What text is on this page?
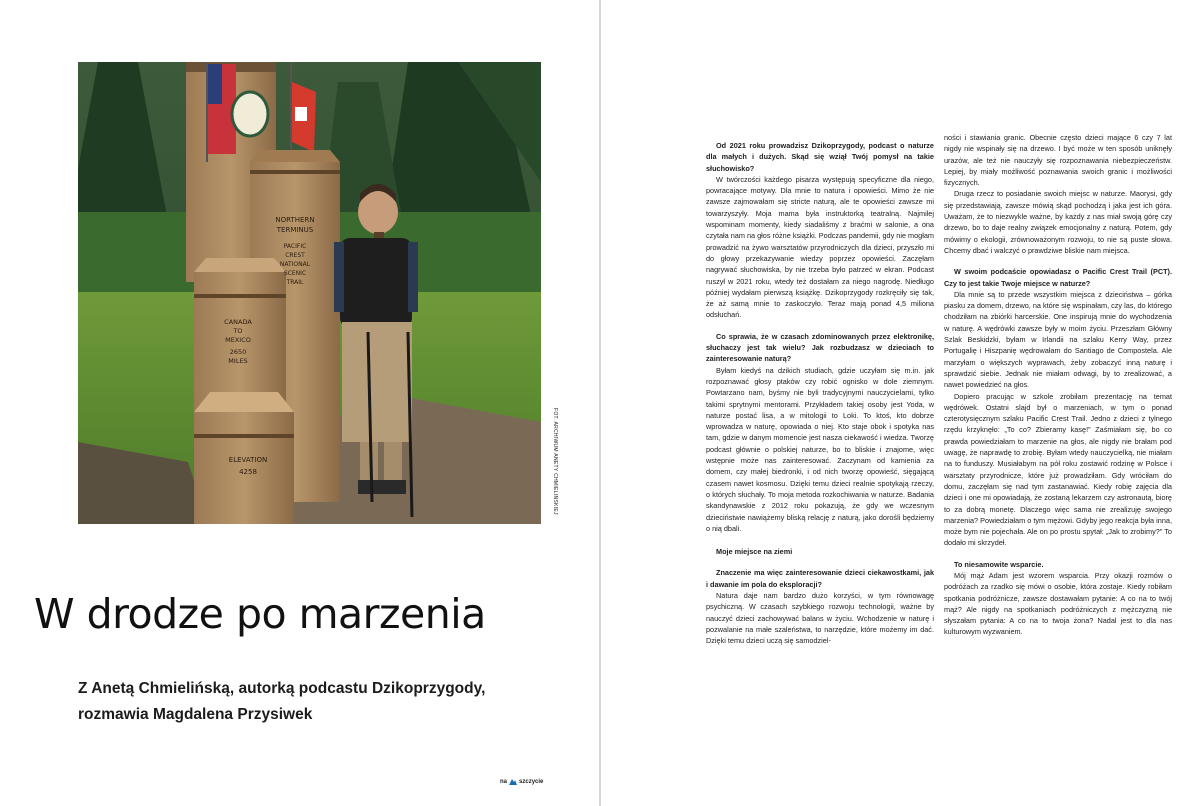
NORTHERN
TERMINUS
PACIFIC
CREST
NATIONAL
SCENIC
TRAIL
CANADA
TO
MEXICO
2650
MILES
ELEVATION
4258	FOT. ARCHIWUM ANETY CHMIELIŃSKIEJ
W drodze po marzenia
Z Anetą Chmielińską, autorką podcastu Dzikoprzygody,
rozmawia Magdalena Przysiwek
na szczycie

Od 2021 roku prowadzisz Dzikoprzygody, podcast o naturze dla małych i dużych. Skąd się wziął Twój pomysł na takie słuchowisko?

W twórczości każdego pisarza występują specyficzne dla niego, powracające motywy. Dla mnie to natura i opowieści. Mimo że nie zawsze zajmowałam się stricte naturą, ale te opowieści zawsze mi towarzyszyły. Moja mama była instruktorką teatralną. Najmilej wspominam momenty, kiedy siadaliśmy z braćmi w salonie, a ona czytała nam na głos różne książki. Podczas pandemii, gdy nie mogłam prowadzić na żywo warsztatów przyrodniczych dla dzieci, przyszło mi do głowy przekazywanie wiedzy poprzez opowieści. Zaczęłam nagrywać słuchowiska, by nie trzeba było patrzeć w ekran. Podcast ruszył w 2021 roku, wtedy też dostałam za niego nagrodę. Niedługo później wydałam pierwszą książkę. Dzikoprzygody rozkręciły się tak, że aż samą mnie to zaskoczyło. Teraz mają ponad 4,5 miliona odsłuchań.

Co sprawia, że w czasach zdominowanych przez elektronikę, słuchaczy jest tak wielu? Jak rozbudzasz w dzieciach to zainteresowanie naturą?

Byłam kiedyś na dzikich studiach, gdzie uczyłam się m.in. jak rozpoznawać głosy ptaków czy robić ognisko w dole ziemnym. Powtarzano nam, byśmy nie byli tradycyjnymi nauczycielami, tylko takimi sprytnymi mentorami. Przykładem takiej osoby jest Yoda, w naturze postać lisa, a w mitologii to Loki. To ktoś, kto dobrze wprowadza w naturę, opowiada o niej. Kto staje obok i spotyka nas tam, gdzie w danym momencie jest nasza ciekawość i wiedza. Tworzę podcast głównie o polskiej naturze, bo to bliskie i znajome, więc wstępnie może nas zainteresować. Zaczynam od kamienia za domem, czy małej biedronki, i od nich tworzę opowieść, sięgającą czasem nawet kosmosu. Dzięki temu dzieci realnie spotykają rzeczy, o których słuchały. To moja metoda rozkochiwania w naturze. Badania skandynawskie z 2012 roku pokazują, że gdy we wczesnym dzieciństwie nawiążemy bliską relację z naturą, jako dorośli będziemy o nią dbali.

Moje miejsce na ziemi

Znaczenie ma więc zainteresowanie dzieci ciekawostkami, jak i dawanie im pola do eksploracji?

Natura daje nam bardzo dużo korzyści, w tym równowagę psychiczną. W czasach szybkiego rozwoju technologii, ważne by nauczyć dzieci zachowywać balans w życiu. Wchodzenie w naturę i pozwalanie na małe szaleństwa, to narzędzie, które możemy im dać. Dzięki temu dzieci uczą się samodziel-

ności i stawiania granic. Obecnie często dzieci mające 6 czy 7 lat nigdy nie wspinały się na drzewo. I być może w ten sposób uniknęły urazów, ale też nie nauczyły się rozpoznawania niebezpieczeństw. Lepiej, by miały możliwość poznawania swoich granic i możliwości fizycznych.

Druga rzecz to posiadanie swoich miejsc w naturze. Maorysi, gdy się przedstawiają, zawsze mówią skąd pochodzą i jaka jest ich góra. Uważam, że to niezwykle ważne, by każdy z nas miał swoją górę czy drzewo, bo to daje realny związek emocjonalny z naturą. Potem, gdy mówimy o ekologii, zrównoważonym rozwoju, to nie są puste słowa. Chcemy dbać i walczyć o prawdziwe bliskie nam miejsca.

W swoim podcaście opowiadasz o Pacific Crest Trail (PCT). Czy to jest takie Twoje miejsce w naturze?

Dla mnie są to przede wszystkim miejsca z dzieciństwa – górka piasku za domem, drzewo, na które się wspinałam, czy las, do którego chodziłam na zbiórki harcerskie. One inspirują mnie do wychodzenia w naturę. A wędrówki zawsze były w moim życiu. Przeszłam Główny Szlak Beskidzki, byłam w Irlandii na szlaku Kerry Way, przez Portugalię i Hiszpanię wędrowałam do Santiago de Compostela. Ale marzyłam o większych wyprawach, żeby zobaczyć inną naturę i sprawdzić siebie. Jednak nie miałam odwagi, by to zrealizować, a nawet powiedzieć na głos.

Dopiero pracując w szkole zrobiłam prezentację na temat wędrówek. Ostatni slajd był o marzeniach, w tym o ponad czterotysięcznym szlaku Pacific Crest Trail. Jedno z dzieci z tylnego rzędu krzyknęło: „To co? Zbieramy kasę!” Zaśmiałam się, bo co prawda powiedziałam to marzenie na głos, ale nigdy nie brałam pod uwagę, że naprawdę to zrobię. Byłam wtedy nauczycielką, nie miałam na to funduszy. Musiałabym na pół roku zostawić rodzinę w Polsce i warsztaty przyrodnicze, które już prowadziłam. Gdy wróciłam do domu, zaczęłam się nad tym zastanawiać. Kiedy robię zajęcia dla dzieci i one mi opowiadają, że zostaną lekarzem czy astronautą, biorę to za dobrą monetę. Dlaczego więc sama nie zrealizuję swojego marzenia? Powiedziałam o tym mężowi. Gdyby jego reakcja była inna, może bym nie pojechała. Ale on po prostu spytał: „Jak to zrobimy?” To dodało mi skrzydeł.

To niesamowite wsparcie.

Mój mąż Adam jest wzorem wsparcia. Przy okazji rozmów o podróżach za rzadko się mówi o osobie, która zostaje. Kiedy robiłam spotkania podróżnicze, zawsze dostawałam pytanie: A co na to twój mąż? Ale nigdy na spotkaniach podróżniczych z mężczyzną nie słyszałam pytania: A co na to twoja żona? Nadal jest to dla nas kulturowym wyzwaniem.
